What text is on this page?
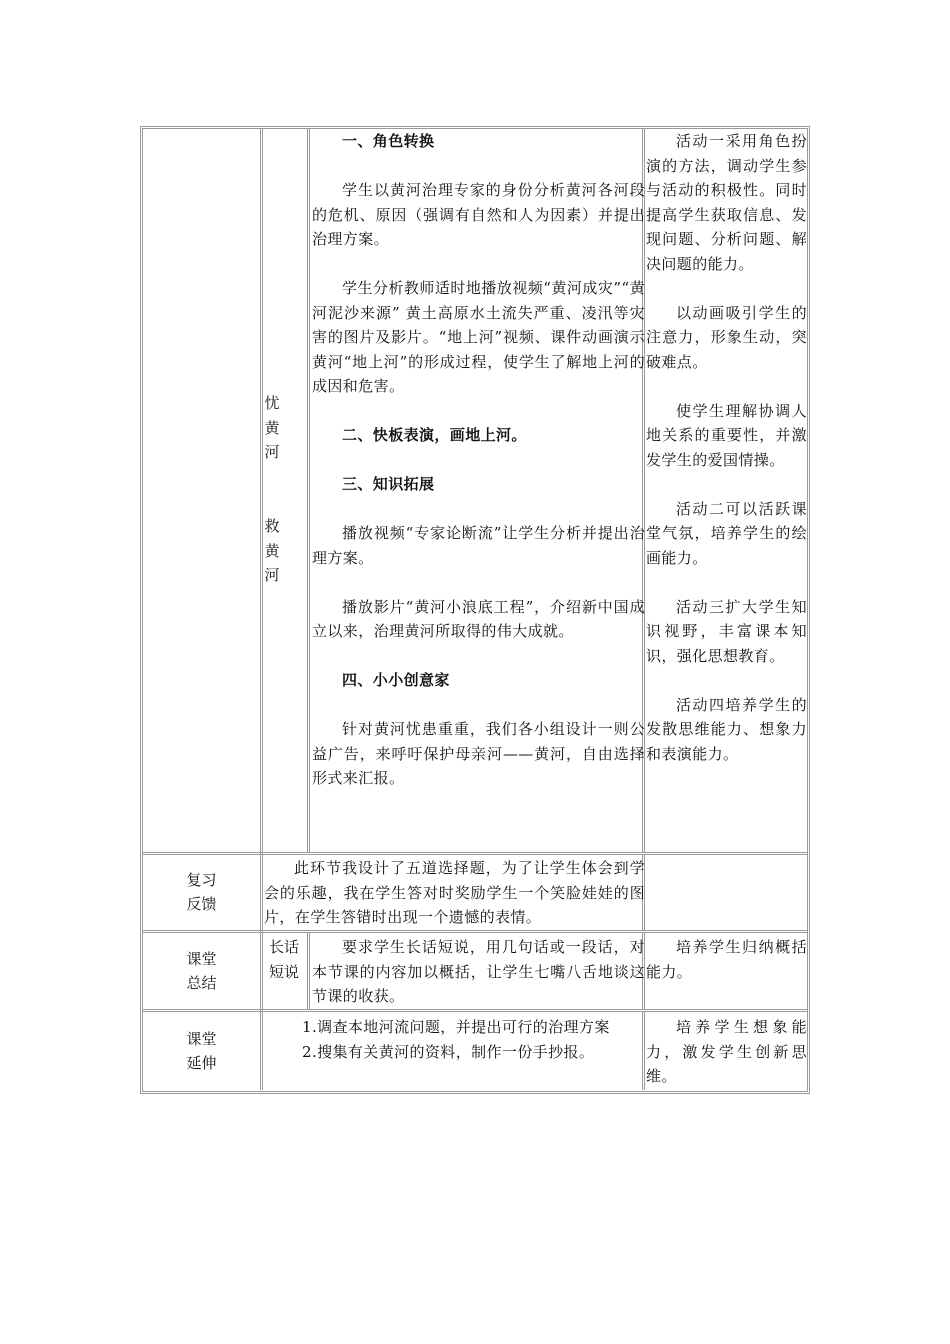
忧黄河
救黄河

一、角色转换

学生以黄河治理专家的身份分析黄河各河段的危机、原因（强调有自然和人为因素）并提出治理方案。

学生分析教师适时地播放视频“黄河成灾”“黄河泥沙来源” 黄土高原水土流失严重、凌汛等灾害的图片及影片。“地上河”视频、课件动画演示黄河“地上河”的形成过程，使学生了解地上河的成因和危害。

二、快板表演，画地上河。

三、知识拓展

播放视频“专家论断流”让学生分析并提出治理方案。

播放影片“黄河小浪底工程”，介绍新中国成立以来，治理黄河所取得的伟大成就。

四、小小创意家

针对黄河忧患重重，我们各小组设计一则公益广告，来呼吁保护母亲河——黄河，自由选择形式来汇报。

活动一采用角色扮演的方法，调动学生参与活动的积极性。同时提高学生获取信息、发现问题、分析问题、解决问题的能力。

以动画吸引学生的注意力，形象生动，突破难点。

使学生理解协调人地关系的重要性，并激发学生的爱国情操。

活动二可以活跃课堂气氛，培养学生的绘画能力。

活动三扩大学生知识视野，丰富课本知识，强化思想教育。

活动四培养学生的发散思维能力、想象力和表演能力。

复习
反馈

此环节我设计了五道选择题，为了让学生体会到学会的乐趣，我在学生答对时奖励学生一个笑脸娃娃的图片，在学生答错时出现一个遗憾的表情。

课堂
总结
长话
短说

要求学生长话短说，用几句话或一段话，对本节课的内容加以概括，让学生七嘴八舌地谈这节课的收获。

培养学生归纳概括能力。

课堂
延伸
1.调查本地河流问题，并提出可行的治理方案
2.搜集有关黄河的资料，制作一份手抄报。

培养学生想象能力，激发学生创新思维。
